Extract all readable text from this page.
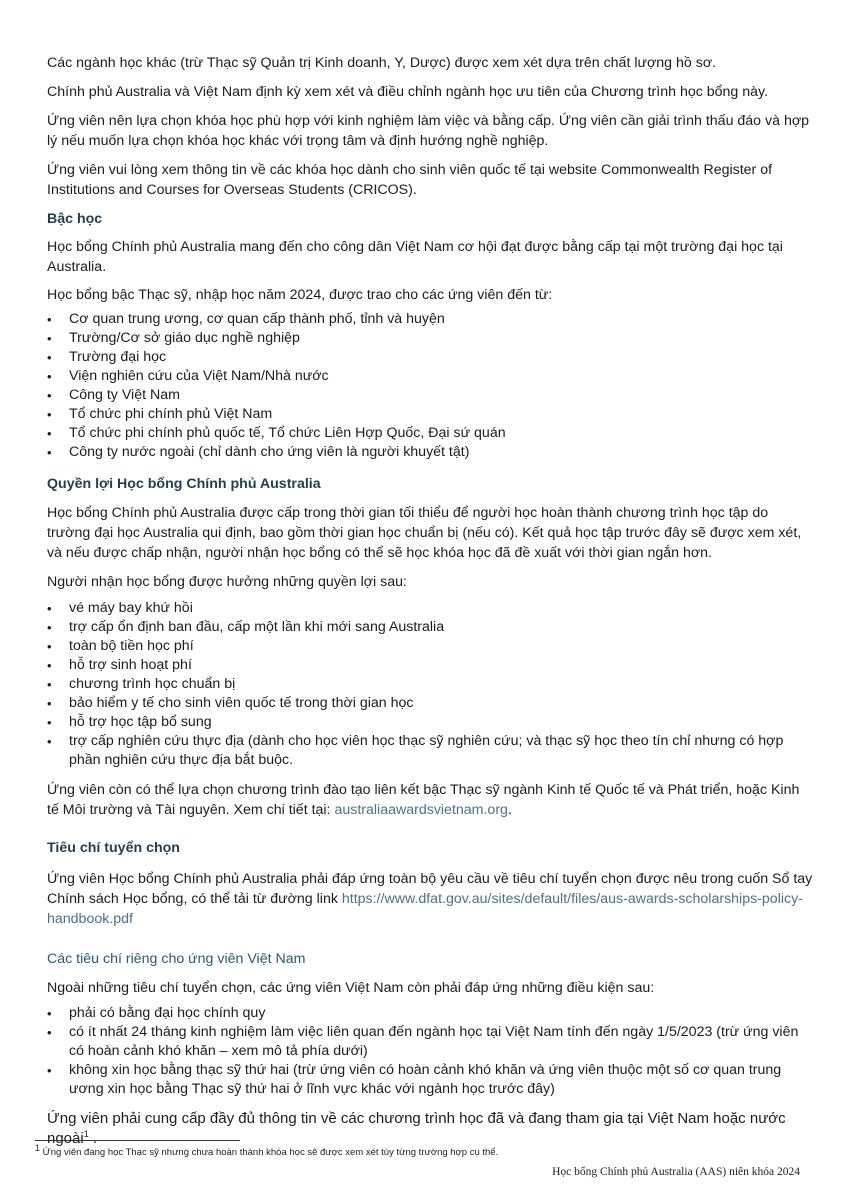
Các ngành học khác (trừ Thạc sỹ Quản trị Kinh doanh, Y, Dược) được xem xét dựa trên chất lượng hồ sơ.

Chính phủ Australia và Việt Nam định kỳ xem xét và điều chỉnh ngành học ưu tiên của Chương trình học bổng này.

Ứng viên nên lựa chọn khóa học phù hợp với kinh nghiệm làm việc và bằng cấp. Ứng viên cần giải trình thấu đáo và hợp lý nếu muốn lựa chọn khóa học khác với trọng tâm và định hướng nghề nghiệp.

Ứng viên vui lòng xem thông tin về các khóa học dành cho sinh viên quốc tế tại website Commonwealth Register of Institutions and Courses for Overseas Students (CRICOS).

Bậc học

Học bổng Chính phủ Australia mang đến cho công dân Việt Nam cơ hội đạt được bằng cấp tại một trường đại học tại Australia.

Học bổng bậc Thạc sỹ, nhập học năm 2024, được trao cho các ứng viên đến từ:

• Cơ quan trung ương, cơ quan cấp thành phố, tỉnh và huyện
• Trường/Cơ sở giáo dục nghề nghiệp
• Trường đại học
• Viện nghiên cứu của Việt Nam/Nhà nước
• Công ty Việt Nam
• Tổ chức phi chính phủ Việt Nam
• Tổ chức phi chính phủ quốc tế, Tổ chức Liên Hợp Quốc, Đại sứ quán
• Công ty nước ngoài (chỉ dành cho ứng viên là người khuyết tật)
Quyền lợi Học bổng Chính phủ Australia

Học bổng Chính phủ Australia được cấp trong thời gian tối thiểu để người học hoàn thành chương trình học tập do trường đại học Australia qui định, bao gồm thời gian học chuẩn bị (nếu có). Kết quả học tập trước đây sẽ được xem xét, và nếu được chấp nhận, người nhận học bổng có thể sẽ học khóa học đã đề xuất với thời gian ngắn hơn.

Người nhận học bổng được hưởng những quyền lợi sau:

• vé máy bay khứ hồi
• trợ cấp ổn định ban đầu, cấp một lần khi mới sang Australia
• toàn bộ tiền học phí
• hỗ trợ sinh hoạt phí
• chương trình học chuẩn bị
• bảo hiểm y tế cho sinh viên quốc tế trong thời gian học
• hỗ trợ học tập bổ sung
• trợ cấp nghiên cứu thực địa (dành cho học viên học thạc sỹ nghiên cứu; và thạc sỹ học theo tín chỉ nhưng có hợp phần nghiên cứu thực địa bắt buộc.

Ứng viên còn có thể lựa chọn chương trình đào tạo liên kết bậc Thạc sỹ ngành Kinh tế Quốc tế và Phát triển, hoặc Kinh tế Môi trường và Tài nguyên. Xem chi tiết tại: australiaawardsvietnam.org.

Tiêu chí tuyển chọn

Ứng viên Học bổng Chính phủ Australia phải đáp ứng toàn bộ yêu cầu về tiêu chí tuyển chọn được nêu trong cuốn Sổ tay Chính sách Học bổng, có thể tải từ đường link https://www.dfat.gov.au/sites/default/files/aus-awards-scholarships-policy-handbook.pdf

Các tiêu chí riêng cho ứng viên Việt Nam

Ngoài những tiêu chí tuyển chọn, các ứng viên Việt Nam còn phải đáp ứng những điều kiện sau:

• phải có bằng đại học chính quy
• có ít nhất 24 tháng kinh nghiệm làm việc liên quan đến ngành học tại Việt Nam tính đến ngày 1/5/2023 (trừ ứng viên có hoàn cảnh khó khăn – xem mô tả phía dưới)
• không xin học bằng thạc sỹ thứ hai (trừ ứng viên có hoàn cảnh khó khăn và ứng viên thuộc một số cơ quan trung ương xin học bằng Thạc sỹ thứ hai ở lĩnh vực khác với ngành học trước đây)

Ứng viên phải cung cấp đầy đủ thông tin về các chương trình học đã và đang tham gia tại Việt Nam hoặc nước ngoài$^1$ .

$^1$ Ứng viên đang học Thạc sỹ nhưng chưa hoàn thành khóa học sẽ được xem xét tùy từng trường hợp cụ thể.
Học bổng Chính phủ Australia (AAS) niên khóa 2024
